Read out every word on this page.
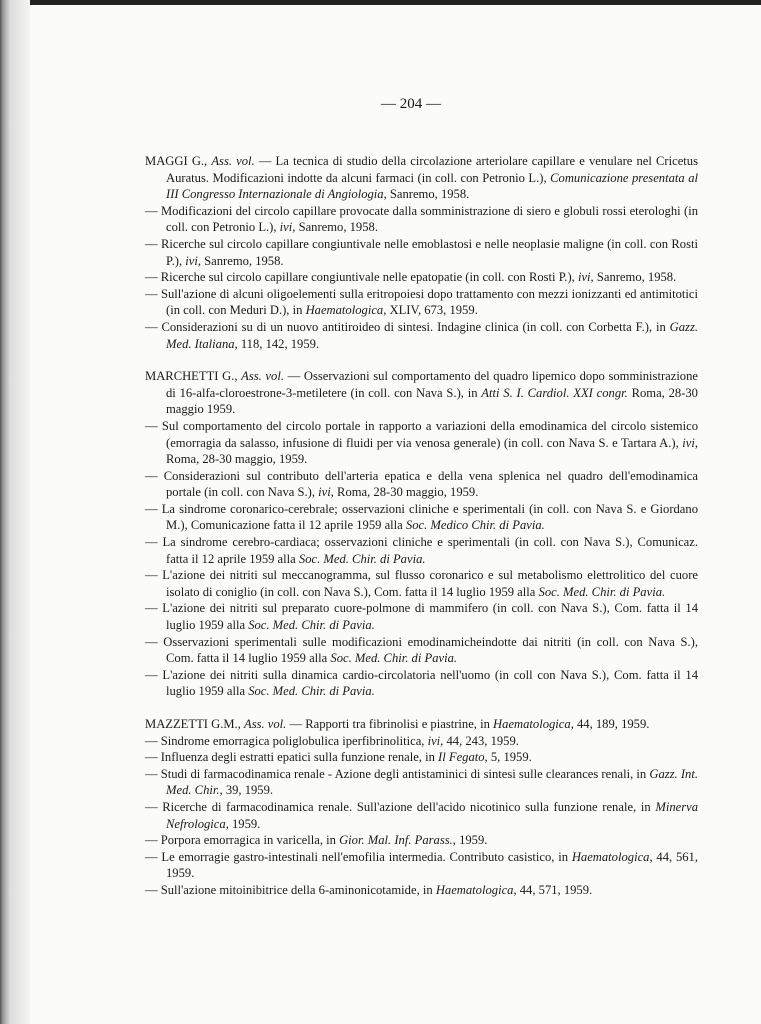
— 204 —
MAGGI G., Ass. vol. — La tecnica di studio della circolazione arteriolare capillare e venulare nel Cricetus Auratus. Modificazioni indotte da alcuni farmaci (in coll. con Petronio L.), Comunicazione presentata al III Congresso Internazionale di Angiologia, Sanremo, 1958.
— Modificazioni del circolo capillare provocate dalla somministrazione di siero e globuli rossi eterologhi (in coll. con Petronio L.), ivi, Sanremo, 1958.
— Ricerche sul circolo capillare congiuntivale nelle emoblastosi e nelle neoplasie maligne (in coll. con Rosti P.), ivi, Sanremo, 1958.
— Ricerche sul circolo capillare congiuntivale nelle epatopatie (in coll. con Rosti P.), ivi, Sanremo, 1958.
— Sull'azione di alcuni oligoelementi sulla eritropoiesi dopo trattamento con mezzi ionizzanti ed antimitotici (in coll. con Meduri D.), in Haematologica, XLIV, 673, 1959.
— Considerazioni su di un nuovo antitiroideo di sintesi. Indagine clinica (in coll. con Corbetta F.), in Gazz. Med. Italiana, 118, 142, 1959.
MARCHETTI G., Ass. vol. — Osservazioni sul comportamento del quadro lipemico dopo somministrazione di 16-alfa-cloroestrone-3-metiletere (in coll. con Nava S.), in Atti S. I. Cardiol. XXI congr. Roma, 28-30 maggio 1959.
— Sul comportamento del circolo portale in rapporto a variazioni della emodinamica del circolo sistemico (emorragia da salasso, infusione di fluidi per via venosa generale) (in coll. con Nava S. e Tartara A.), ivi, Roma, 28-30 maggio, 1959.
— Considerazioni sul contributo dell'arteria epatica e della vena splenica nel quadro dell'emodinamica portale (in coll. con Nava S.), ivi, Roma, 28-30 maggio, 1959.
— La sindrome coronarico-cerebrale; osservazioni cliniche e sperimentali (in coll. con Nava S. e Giordano M.), Comunicazione fatta il 12 aprile 1959 alla Soc. Medico Chir. di Pavia.
— La sindrome cerebro-cardiaca; osservazioni cliniche e sperimentali (in coll. con Nava S.), Comunicaz. fatta il 12 aprile 1959 alla Soc. Med. Chir. di Pavia.
— L'azione dei nitriti sul meccanogramma, sul flusso coronarico e sul metabolismo elettrolitico del cuore isolato di coniglio (in coll. con Nava S.), Com. fatta il 14 luglio 1959 alla Soc. Med. Chir. di Pavia.
— L'azione dei nitriti sul preparato cuore-polmone di mammifero (in coll. con Nava S.), Com. fatta il 14 luglio 1959 alla Soc. Med. Chir. di Pavia.
— Osservazioni sperimentali sulle modificazioni emodinamicheindotte dai nitriti (in coll. con Nava S.), Com. fatta il 14 luglio 1959 alla Soc. Med. Chir. di Pavia.
— L'azione dei nitriti sulla dinamica cardio-circolatoria nell'uomo (in coll con Nava S.), Com. fatta il 14 luglio 1959 alla Soc. Med. Chir. di Pavia.
MAZZETTI G.M., Ass. vol. — Rapporti tra fibrinolisi e piastrine, in Haematologica, 44, 189, 1959.
— Sindrome emorragica poliglobulica iperfibrinolitica, ivi, 44, 243, 1959.
— Influenza degli estratti epatici sulla funzione renale, in Il Fegato, 5, 1959.
— Studi di farmacodinamica renale - Azione degli antistaminici di sintesi sulle clearances renali, in Gazz. Int. Med. Chir., 39, 1959.
— Ricerche di farmacodinamica renale. Sull'azione dell'acido nicotinico sulla funzione renale, in Minerva Nefrologica, 1959.
— Porpora emorragica in varicella, in Gior. Mal. Inf. Parass., 1959.
— Le emorragie gastro-intestinali nell'emofilia intermedia. Contributo casistico, in Haematologica, 44, 561, 1959.
— Sull'azione mitoinibitrice della 6-aminonicotamide, in Haematologica, 44, 571, 1959.
